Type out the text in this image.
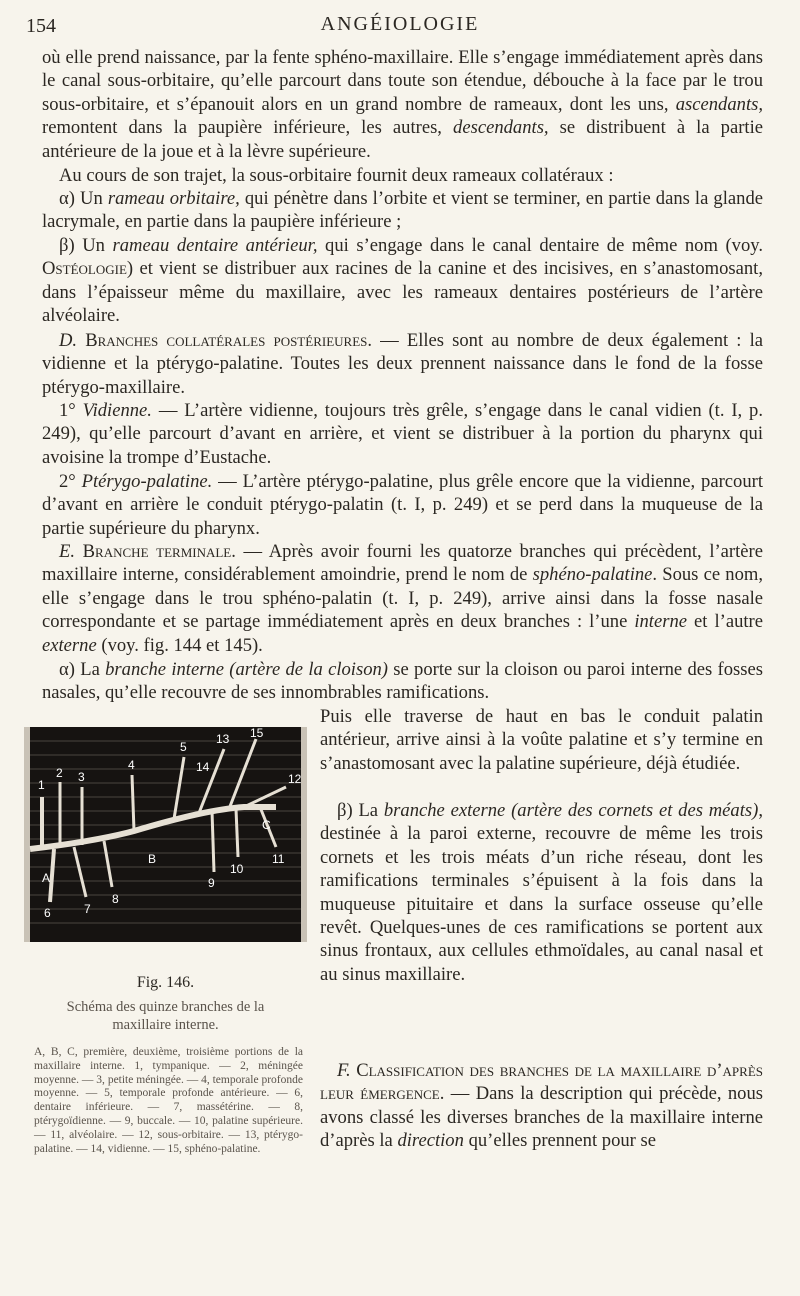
154	ANGÉIOLOGIE

où elle prend naissance, par la fente sphéno-maxillaire. Elle s’engage immédiatement après dans le canal sous-orbitaire, qu’elle parcourt dans toute son étendue, débouche à la face par le trou sous-orbitaire, et s’épanouit alors en un grand nombre de rameaux, dont les uns, ascendants, remontent dans la paupière inférieure, les autres, descendants, se distribuent à la partie antérieure de la joue et à la lèvre supérieure.

Au cours de son trajet, la sous-orbitaire fournit deux rameaux collatéraux :

α) Un rameau orbitaire, qui pénètre dans l’orbite et vient se terminer, en partie dans la glande lacrymale, en partie dans la paupière inférieure ;

β) Un rameau dentaire antérieur, qui s’engage dans le canal dentaire de même nom (voy. Ostéologie) et vient se distribuer aux racines de la canine et des incisives, en s’anastomosant, dans l’épaisseur même du maxillaire, avec les rameaux dentaires postérieurs de l’artère alvéolaire.

D. Branches collatérales postérieures. — Elles sont au nombre de deux également : la vidienne et la ptérygo-palatine. Toutes les deux prennent naissance dans le fond de la fosse ptérygo-maxillaire.

1° Vidienne. — L’artère vidienne, toujours très grêle, s’engage dans le canal vidien (t. I, p. 249), qu’elle parcourt d’avant en arrière, et vient se distribuer à la portion du pharynx qui avoisine la trompe d’Eustache.

2° Ptérygo-palatine. — L’artère ptérygo-palatine, plus grêle encore que la vidienne, parcourt d’avant en arrière le conduit ptérygo-palatin (t. I, p. 249) et se perd dans la muqueuse de la partie supérieure du pharynx.

E. Branche terminale. — Après avoir fourni les quatorze branches qui précèdent, l’artère maxillaire interne, considérablement amoindrie, prend le nom de sphéno-palatine. Sous ce nom, elle s’engage dans le trou sphéno-palatin (t. I, p. 249), arrive ainsi dans la fosse nasale correspondante et se partage immédiatement après en deux branches : l’une interne et l’autre externe (voy. fig. 144 et 145).

α) La branche interne (artère de la cloison) se porte sur la cloison ou paroi interne des fosses nasales, qu’elle recouvre de ses innombrables ramifications.

Puis elle traverse de haut en bas le conduit palatin antérieur, arrive ainsi à la voûte palatine et s’y termine en s’anastomosant avec la palatine supérieure, déjà étudiée.

β) La branche externe (artère des cornets et des méats), destinée à la paroi externe, recouvre de même les trois cornets et les trois méats d’un riche réseau, dont les ramifications terminales s’épuisent à la fois dans la muqueuse pituitaire et dans la surface osseuse qu’elle revêt. Quelques-unes de ces ramifications se portent aux sinus frontaux, aux cellules ethmoïdales, au canal nasal et au sinus maxillaire.

F. Classification des branches de la maxillaire d’après leur émergence. — Dans la description qui précède, nous avons classé les diverses branches de la maxillaire interne d’après la direction qu’elles prennent pour se

A
B
C
1
2 3
4
5
6	7
8
9
10
11
12
13
14
15
Fig. 146.
Schéma des quinze branches de la maxillaire interne.
A, B, C, première, deuxième, troisième portions de la maxillaire interne. 1, tympanique. — 2, méningée moyenne. — 3, petite méningée. — 4, temporale profonde moyenne. — 5, temporale profonde antérieure. — 6, dentaire inférieure. — 7, massétérine. — 8, ptérygoïdienne. — 9, buccale. — 10, palatine supérieure. — 11, alvéolaire. — 12, sous-orbitaire. — 13, ptérygo-palatine. — 14, vidienne. — 15, sphéno-palatine.
